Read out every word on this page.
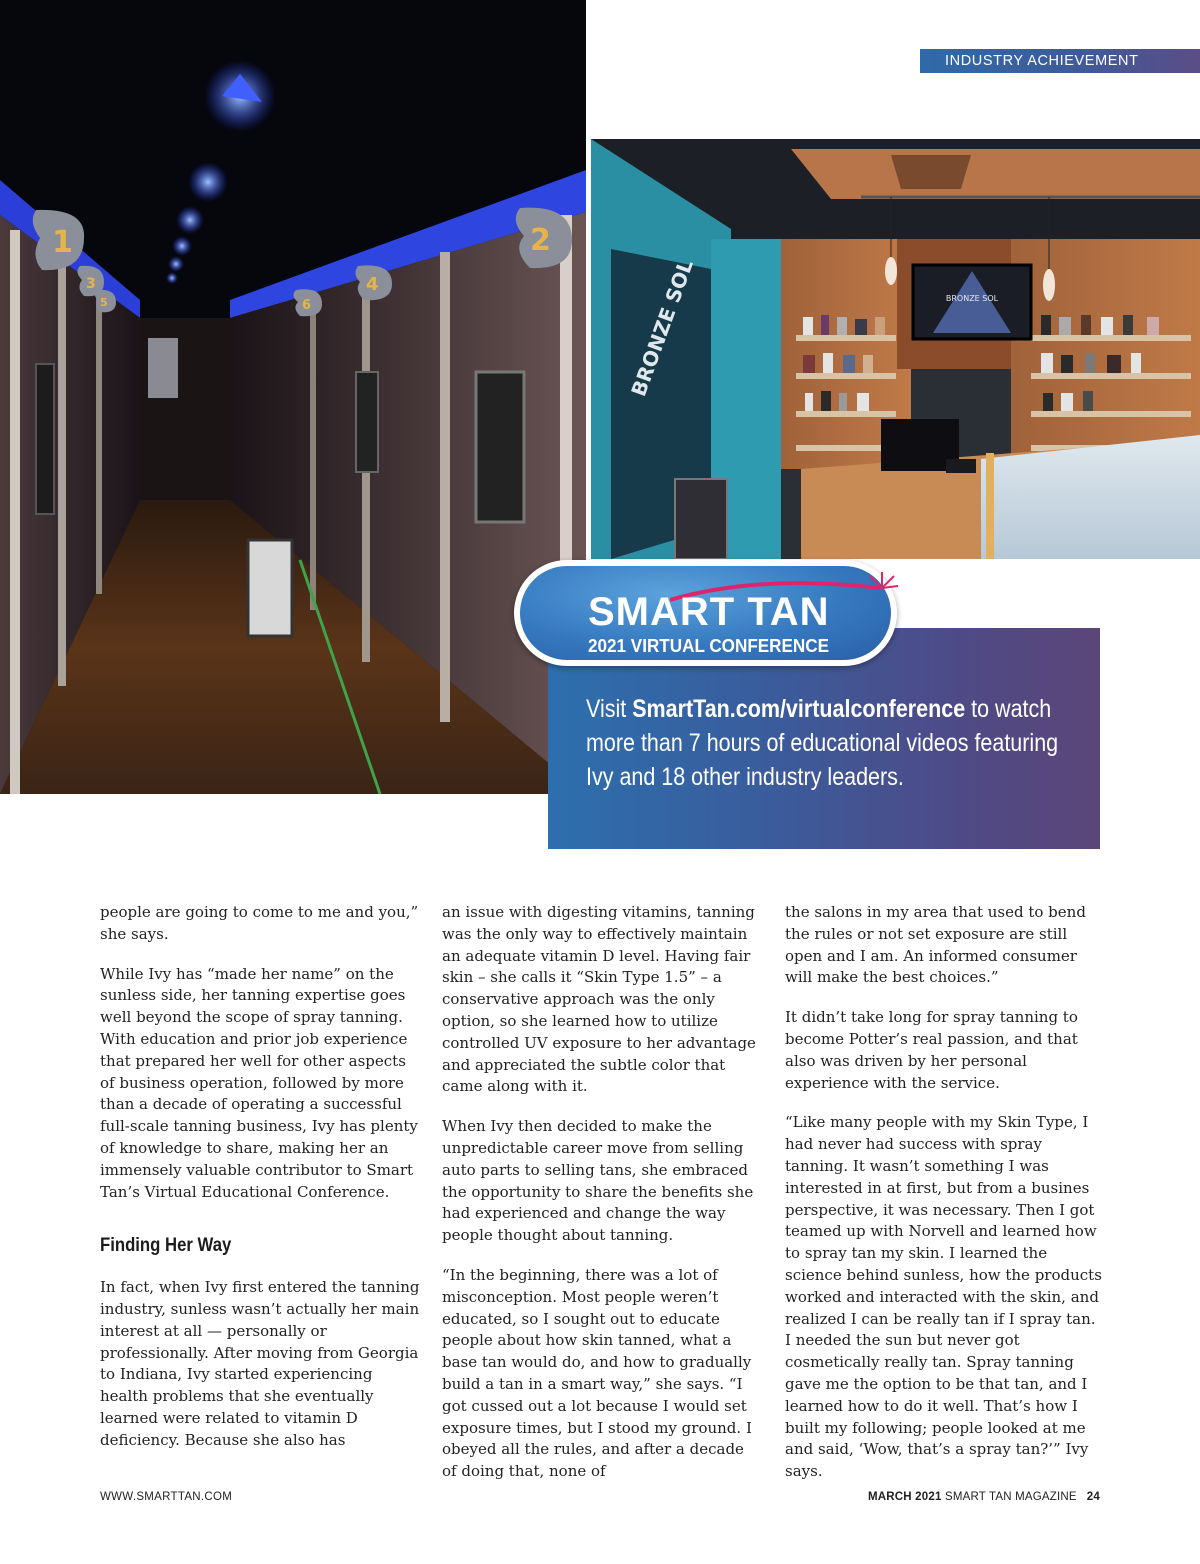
INDUSTRY ACHIEVEMENT
1	2
3	4
5	6	BRONZE SOL	BRONZE SOL
Visit SmartTan.com/virtualconference to watch more than 7 hours of educational videos featuring Ivy and 18 other industry leaders.
SMART TAN
2021 VIRTUAL CONFERENCE

people are going to come to me and you,” she says.

While Ivy has “made her name” on the sunless side, her tanning expertise goes well beyond the scope of spray tanning. With education and prior job experience that prepared her well for other aspects of business operation, followed by more than a decade of operating a successful full-scale tanning business, Ivy has plenty of knowledge to share, making her an immensely valuable contributor to Smart Tan’s Virtual Educational Conference.

Finding Her Way

In fact, when Ivy first entered the tanning industry, sunless wasn’t actually her main interest at all — personally or professionally. After moving from Georgia to Indiana, Ivy started experiencing health problems that she eventually learned were related to vitamin D deficiency. Because she also has

an issue with digesting vitamins, tanning was the only way to effectively maintain an adequate vitamin D level. Having fair skin – she calls it “Skin Type 1.5” – a conservative approach was the only option, so she learned how to utilize controlled UV exposure to her advantage and appreciated the subtle color that came along with it.

When Ivy then decided to make the unpredictable career move from selling auto parts to selling tans, she embraced the opportunity to share the benefits she had experienced and change the way people thought about tanning.

“In the beginning, there was a lot of misconception. Most people weren’t educated, so I sought out to educate people about how skin tanned, what a base tan would do, and how to gradually build a tan in a smart way,” she says. “I got cussed out a lot because I would set exposure times, but I stood my ground. I obeyed all the rules, and after a decade of doing that, none of

the salons in my area that used to bend the rules or not set exposure are still open and I am. An informed consumer will make the best choices.”

It didn’t take long for spray tanning to become Potter’s real passion, and that also was driven by her personal experience with the service.

“Like many people with my Skin Type, I had never had success with spray tanning. It wasn’t something I was interested in at first, but from a busines perspective, it was necessary. Then I got teamed up with Norvell and learned how to spray tan my skin. I learned the science behind sunless, how the products worked and interacted with the skin, and realized I can be really tan if I spray tan. I needed the sun but never got cosmetically really tan. Spray tanning gave me the option to be that tan, and I learned how to do it well. That’s how I built my following; people looked at me and said, ‘Wow, that’s a spray tan?’” Ivy says.

WWW.SMARTTAN.COM	MARCH 2021 SMART TAN MAGAZINE 24
